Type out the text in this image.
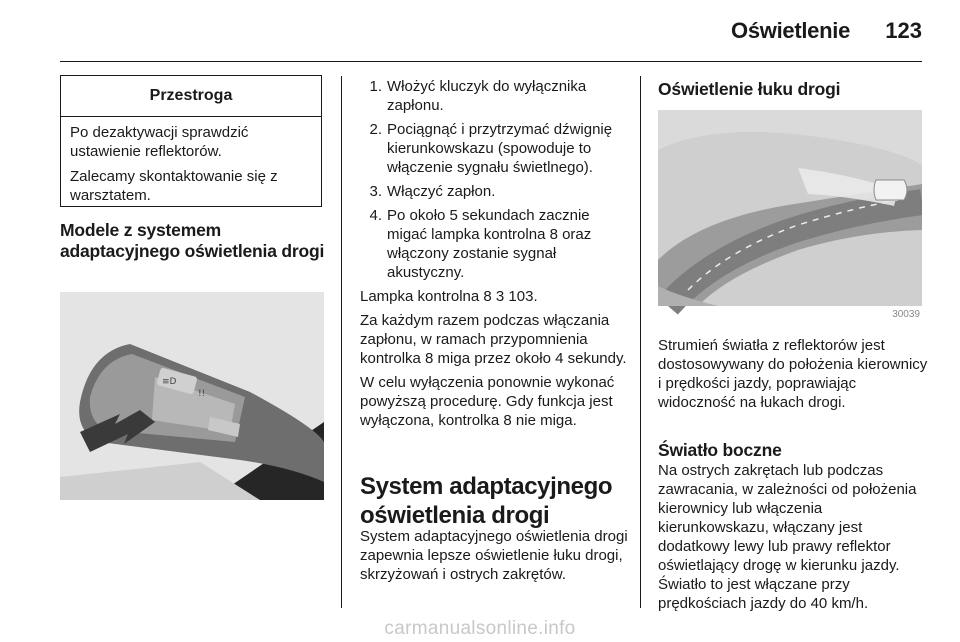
Oświetlenie	123
Przestroga

Po dezaktywacji sprawdzić ustawienie reflektorów.

Zalecamy skontaktowanie się z warsztatem.

Modele z systemem adaptacyjnego oświetlenia drogi
≡D
!!
1. Włożyć kluczyk do wyłącznika zapłonu.
2. Pociągnąć i przytrzymać dźwignię kierunkowskazu (spowoduje to włączenie sygnału świetlnego).
3. Włączyć zapłon.
4. Po około 5 sekundach zacznie migać lampka kontrolna 8 oraz włączony zostanie sygnał akustyczny.

Lampka kontrolna 8 3 103.

Za każdym razem podczas włączania zapłonu, w ramach przypomnienia kontrolka 8 miga przez około 4 sekundy.

W celu wyłączenia ponownie wykonać powyższą procedurę. Gdy funkcja jest wyłączona, kontrolka 8 nie miga.

System adaptacyjnego oświetlenia drogi
System adaptacyjnego oświetlenia drogi zapewnia lepsze oświetlenie łuku drogi, skrzyżowań i ostrych zakrętów.
Oświetlenie łuku drogi
30039
Strumień światła z reflektorów jest dostosowywany do położenia kierownicy i prędkości jazdy, poprawiając widoczność na łukach drogi.
Światło boczne
Na ostrych zakrętach lub podczas zawracania, w zależności od położenia kierownicy lub włączenia kierunkowskazu, włączany jest dodatkowy lewy lub prawy reflektor oświetlający drogę w kierunku jazdy. Światło to jest włączane przy prędkościach jazdy do 40 km/h.
carmanualsonline.info
